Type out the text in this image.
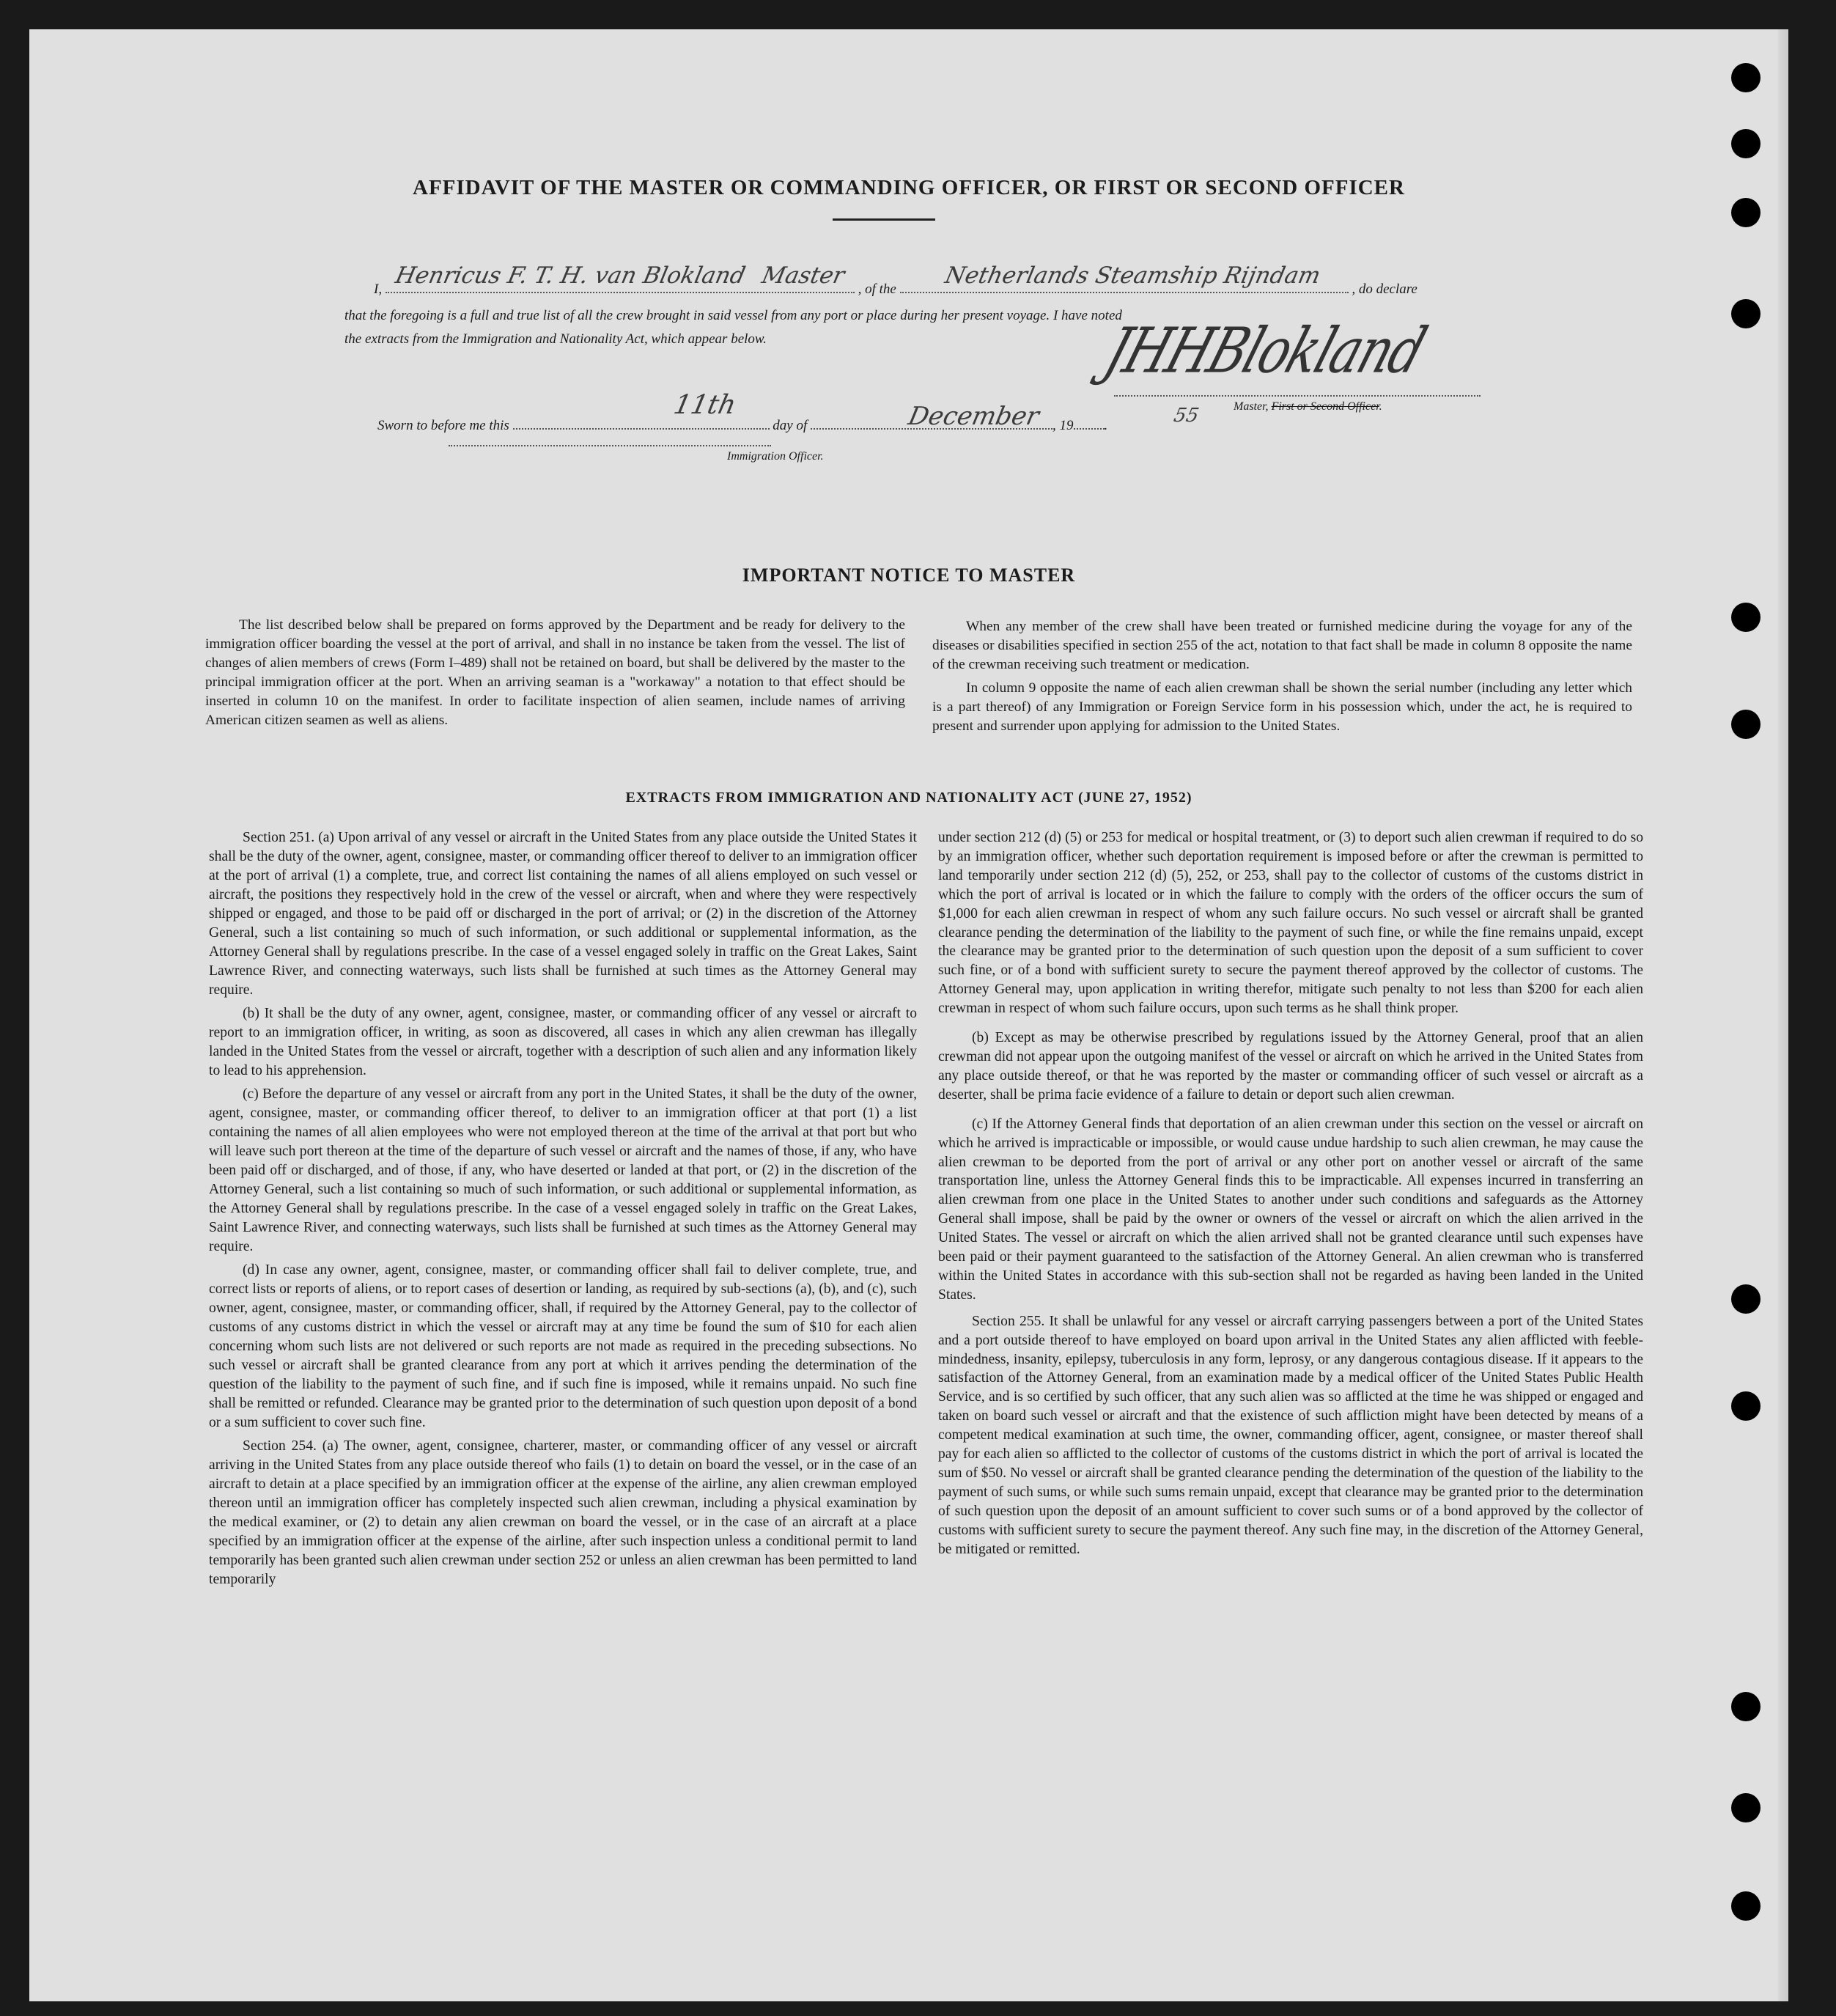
AFFIDAVIT OF THE MASTER OR COMMANDING OFFICER, OR FIRST OR SECOND OFFICER
I,	, of the	, do declare
Henricus F. T. H. van Blokland Master	Netherlands Steamship Rijndam
that the foregoing is a full and true list of all the crew brought in said vessel from any port or place during her present voyage. I have noted
the extracts from the Immigration and Nationality Act, which appear below.	JHHBlokland
Master, First or Second Officer.
Sworn to before me this	day of	, 19 .
11th	December	55
Immigration Officer.
IMPORTANT NOTICE TO MASTER

The list described below shall be prepared on forms approved by the Department and be ready for delivery to the immigration officer boarding the vessel at the port of arrival, and shall in no instance be taken from the vessel. The list of changes of alien members of crews (Form I–489) shall not be retained on board, but shall be delivered by the master to the principal immigration officer at the port. When an arriving seaman is a "workaway" a notation to that effect should be inserted in column 10 on the manifest. In order to facilitate inspection of alien seamen, include names of arriving American citizen seamen as well as aliens.

When any member of the crew shall have been treated or furnished medicine during the voyage for any of the diseases or disabilities specified in section 255 of the act, notation to that fact shall be made in column 8 opposite the name of the crewman receiving such treatment or medication.

In column 9 opposite the name of each alien crewman shall be shown the serial number (including any letter which is a part thereof) of any Immigration or Foreign Service form in his possession which, under the act, he is required to present and surrender upon applying for admission to the United States.

EXTRACTS FROM IMMIGRATION AND NATIONALITY ACT (JUNE 27, 1952)

Section 251. (a) Upon arrival of any vessel or aircraft in the United States from any place outside the United States it shall be the duty of the owner, agent, consignee, master, or commanding officer thereof to deliver to an immigration officer at the port of arrival (1) a complete, true, and correct list containing the names of all aliens employed on such vessel or aircraft, the positions they respectively hold in the crew of the vessel or aircraft, when and where they were respectively shipped or engaged, and those to be paid off or discharged in the port of arrival; or (2) in the discretion of the Attorney General, such a list containing so much of such information, or such additional or supplemental information, as the Attorney General shall by regulations prescribe. In the case of a vessel engaged solely in traffic on the Great Lakes, Saint Lawrence River, and connecting waterways, such lists shall be furnished at such times as the Attorney General may require.

(b) It shall be the duty of any owner, agent, consignee, master, or commanding officer of any vessel or aircraft to report to an immigration officer, in writing, as soon as discovered, all cases in which any alien crewman has illegally landed in the United States from the vessel or aircraft, together with a description of such alien and any information likely to lead to his apprehension.

(c) Before the departure of any vessel or aircraft from any port in the United States, it shall be the duty of the owner, agent, consignee, master, or commanding officer thereof, to deliver to an immigration officer at that port (1) a list containing the names of all alien employees who were not employed thereon at the time of the arrival at that port but who will leave such port thereon at the time of the departure of such vessel or aircraft and the names of those, if any, who have been paid off or discharged, and of those, if any, who have deserted or landed at that port, or (2) in the discretion of the Attorney General, such a list containing so much of such information, or such additional or supplemental information, as the Attorney General shall by regulations prescribe. In the case of a vessel engaged solely in traffic on the Great Lakes, Saint Lawrence River, and connecting waterways, such lists shall be furnished at such times as the Attorney General may require.

(d) In case any owner, agent, consignee, master, or commanding officer shall fail to deliver complete, true, and correct lists or reports of aliens, or to report cases of desertion or landing, as required by sub-sections (a), (b), and (c), such owner, agent, consignee, master, or commanding officer, shall, if required by the Attorney General, pay to the collector of customs of any customs district in which the vessel or aircraft may at any time be found the sum of $10 for each alien concerning whom such lists are not delivered or such reports are not made as required in the preceding subsections. No such vessel or aircraft shall be granted clearance from any port at which it arrives pending the determination of the question of the liability to the payment of such fine, and if such fine is imposed, while it remains unpaid. No such fine shall be remitted or refunded. Clearance may be granted prior to the determination of such question upon deposit of a bond or a sum sufficient to cover such fine.

Section 254. (a) The owner, agent, consignee, charterer, master, or commanding officer of any vessel or aircraft arriving in the United States from any place outside thereof who fails (1) to detain on board the vessel, or in the case of an aircraft to detain at a place specified by an immigration officer at the expense of the airline, any alien crewman employed thereon until an immigration officer has completely inspected such alien crewman, including a physical examination by the medical examiner, or (2) to detain any alien crewman on board the vessel, or in the case of an aircraft at a place specified by an immigration officer at the expense of the airline, after such inspection unless a conditional permit to land temporarily has been granted such alien crewman under section 252 or unless an alien crewman has been permitted to land temporarily

under section 212 (d) (5) or 253 for medical or hospital treatment, or (3) to deport such alien crewman if required to do so by an immigration officer, whether such deportation requirement is imposed before or after the crewman is permitted to land temporarily under section 212 (d) (5), 252, or 253, shall pay to the collector of customs of the customs district in which the port of arrival is located or in which the failure to comply with the orders of the officer occurs the sum of $1,000 for each alien crewman in respect of whom any such failure occurs. No such vessel or aircraft shall be granted clearance pending the determination of the liability to the payment of such fine, or while the fine remains unpaid, except the clearance may be granted prior to the determination of such question upon the deposit of a sum sufficient to cover such fine, or of a bond with sufficient surety to secure the payment thereof approved by the collector of customs. The Attorney General may, upon application in writing therefor, mitigate such penalty to not less than $200 for each alien crewman in respect of whom such failure occurs, upon such terms as he shall think proper.

(b) Except as may be otherwise prescribed by regulations issued by the Attorney General, proof that an alien crewman did not appear upon the outgoing manifest of the vessel or aircraft on which he arrived in the United States from any place outside thereof, or that he was reported by the master or commanding officer of such vessel or aircraft as a deserter, shall be prima facie evidence of a failure to detain or deport such alien crewman.

(c) If the Attorney General finds that deportation of an alien crewman under this section on the vessel or aircraft on which he arrived is impracticable or impossible, or would cause undue hardship to such alien crewman, he may cause the alien crewman to be deported from the port of arrival or any other port on another vessel or aircraft of the same transportation line, unless the Attorney General finds this to be impracticable. All expenses incurred in transferring an alien crewman from one place in the United States to another under such conditions and safeguards as the Attorney General shall impose, shall be paid by the owner or owners of the vessel or aircraft on which the alien arrived in the United States. The vessel or aircraft on which the alien arrived shall not be granted clearance until such expenses have been paid or their payment guaranteed to the satisfaction of the Attorney General. An alien crewman who is transferred within the United States in accordance with this sub-section shall not be regarded as having been landed in the United States.

Section 255. It shall be unlawful for any vessel or aircraft carrying passengers between a port of the United States and a port outside thereof to have employed on board upon arrival in the United States any alien afflicted with feeble-mindedness, insanity, epilepsy, tuberculosis in any form, leprosy, or any dangerous contagious disease. If it appears to the satisfaction of the Attorney General, from an examination made by a medical officer of the United States Public Health Service, and is so certified by such officer, that any such alien was so afflicted at the time he was shipped or engaged and taken on board such vessel or aircraft and that the existence of such affliction might have been detected by means of a competent medical examination at such time, the owner, commanding officer, agent, consignee, or master thereof shall pay for each alien so afflicted to the collector of customs of the customs district in which the port of arrival is located the sum of $50. No vessel or aircraft shall be granted clearance pending the determination of the question of the liability to the payment of such sums, or while such sums remain unpaid, except that clearance may be granted prior to the determination of such question upon the deposit of an amount sufficient to cover such sums or of a bond approved by the collector of customs with sufficient surety to secure the payment thereof. Any such fine may, in the discretion of the Attorney General, be mitigated or remitted.
